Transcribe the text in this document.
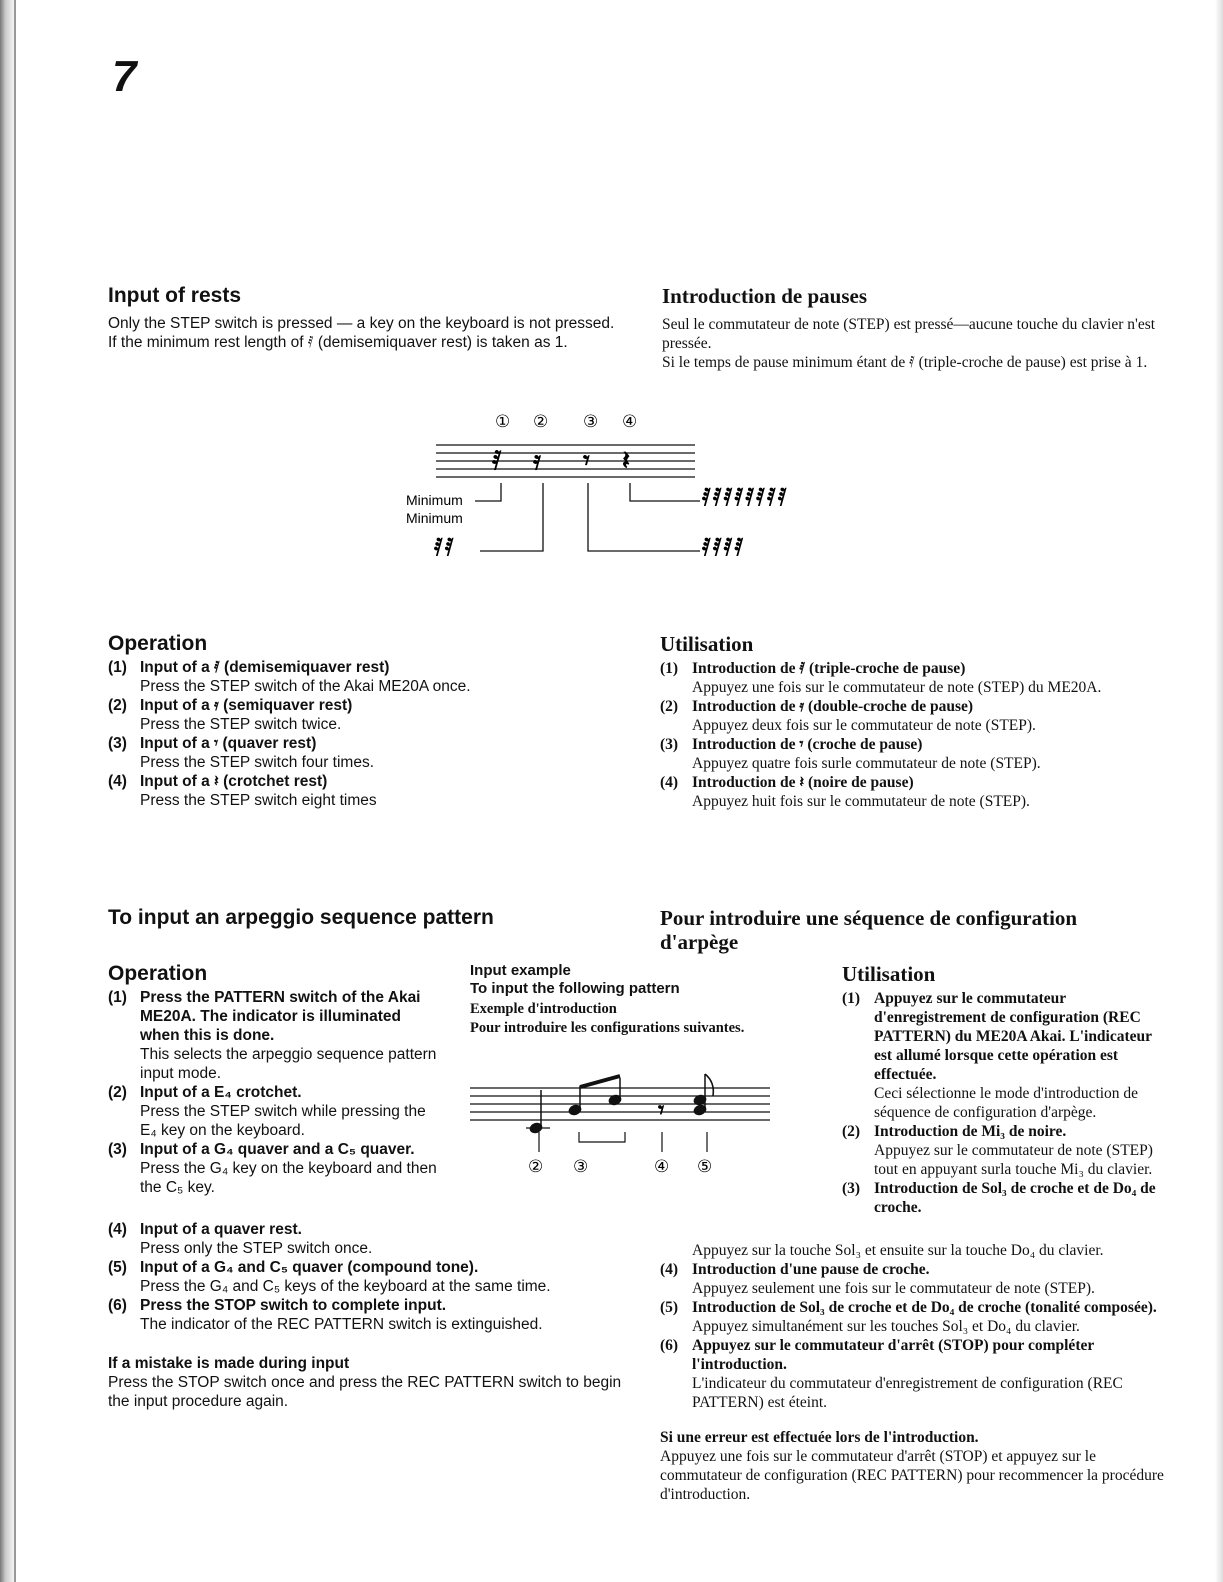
7
Input of rests

Only the STEP switch is pressed — a key on the keyboard is not pressed.

If the minimum rest length of 𝅀 (demisemiquaver rest) is taken as 1.

Introduction de pauses

Seul le commutateur de note (STEP) est pressé—aucune touche du clavier n'est pressée.

Si le temps de pause minimum étant de 𝅀 (triple-croche de pause) est prise à 1.

① ② ③ ④
𝅀 𝄿 𝄾 𝄽
Minimum
Minimum
𝅀𝅀𝅀𝅀𝅀𝅀𝅀𝅀
𝅀𝅀𝅀𝅀
𝅀𝅀
Operation
(1) Input of a 𝅀 (demisemiquaver rest)
Press the STEP switch of the Akai ME20A once.
(2) Input of a 𝄿 (semiquaver rest)
Press the STEP switch twice.
(3) Input of a 𝄾 (quaver rest)
Press the STEP switch four times.
(4) Input of a 𝄽 (crotchet rest)
Press the STEP switch eight times
Utilisation
(1) Introduction de 𝅀 (triple-croche de pause)
Appuyez une fois sur le commutateur de note (STEP) du ME20A.
(2) Introduction de 𝄿 (double-croche de pause)
Appuyez deux fois sur le commutateur de note (STEP).
(3) Introduction de 𝄾 (croche de pause)
Appuyez quatre fois surle commutateur de note (STEP).
(4) Introduction de 𝄽 (noire de pause)
Appuyez huit fois sur le commutateur de note (STEP).
To input an arpeggio sequence pattern
Operation
(1) Press the PATTERN switch of the Akai ME20A. The indicator is illuminated when this is done.
This selects the arpeggio sequence pattern input mode.
(2) Input of a E₄ crotchet.
Press the STEP switch while pressing the E₄ key on the keyboard.
(3) Input of a G₄ quaver and a C₅ quaver.
Press the G₄ key on the keyboard and then the C₅ key.
(4) Input of a quaver rest.
Press only the STEP switch once.
(5) Input of a G₄ and C₅ quaver (compound tone).
Press the G₄ and C₅ keys of the keyboard at the same time.
(6) Press the STOP switch to complete input.
The indicator of the REC PATTERN switch is extinguished.

If a mistake is made during input

Press the STOP switch once and press the REC PATTERN switch to begin the input procedure again.

Input example

To input the following pattern

Exemple d'introduction

Pour introduire les configurations suivantes.

𝄾
② ③	④ ⑤
Pour introduire une séquence de configuration
d'arpège
Utilisation
(1) Appuyez sur le commutateur d'enregistrement de configuration (REC PATTERN) du ME20A Akai. L'indicateur est allumé lorsque cette opération est effectuée.
Ceci sélectionne le mode d'introduction de séquence de configuration d'arpège.
(2) Introduction de Mi₃ de noire.
Appuyez sur le commutateur de note (STEP) tout en appuyant surla touche Mi₃ du clavier.
(3) Introduction de Sol₃ de croche et de Do₄ de croche.

Appuyez sur la touche Sol₃ et ensuite sur la touche Do₄ du clavier.

(4) Introduction d'une pause de croche.
Appuyez seulement une fois sur le commutateur de note (STEP).
(5) Introduction de Sol₃ de croche et de Do₄ de croche (tonalité composée).
Appuyez simultanément sur les touches Sol₃ et Do₄ du clavier.
(6) Appuyez sur le commutateur d'arrêt (STOP) pour compléter l'introduction.
L'indicateur du commutateur d'enregistrement de configuration (REC PATTERN) est éteint.

Si une erreur est effectuée lors de l'introduction.

Appuyez une fois sur le commutateur d'arrêt (STOP) et appuyez sur le commutateur de configuration (REC PATTERN) pour recommencer la procédure d'introduction.
